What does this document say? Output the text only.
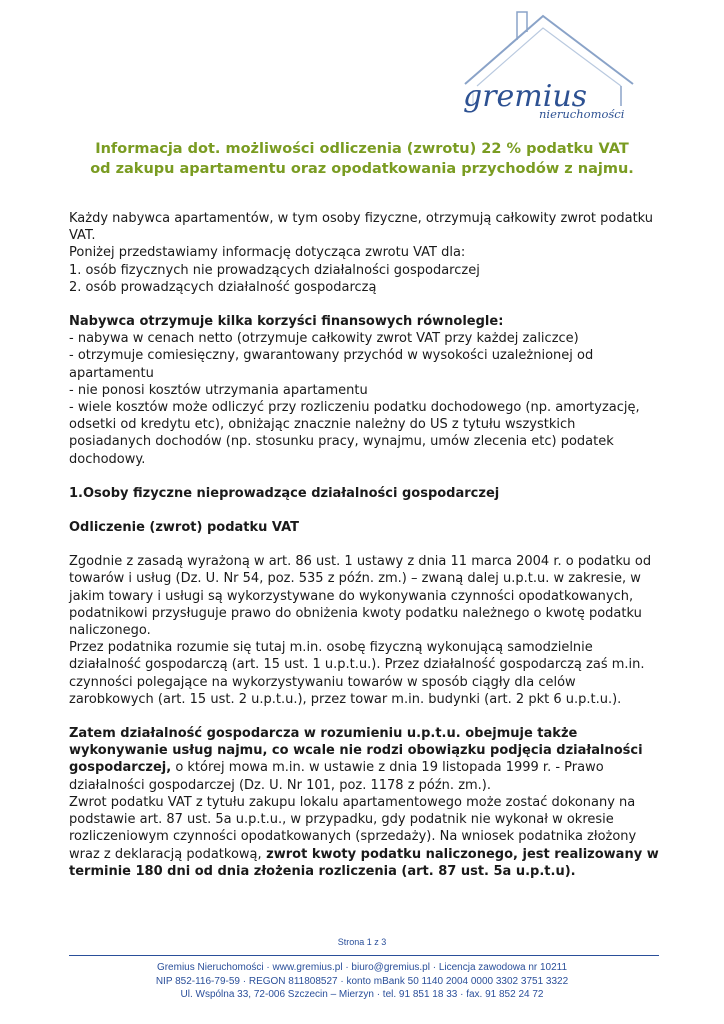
gremius
nieruchomości
Informacja dot. możliwości odliczenia (zwrotu) 22 % podatku VAT
od zakupu apartamentu oraz opodatkowania przychodów z najmu.

Każdy nabywca apartamentów, w tym osoby fizyczne, otrzymują całkowity zwrot podatku VAT.

Poniżej przedstawiamy informację dotycząca zwrotu VAT dla:

1. osób fizycznych nie prowadzących działalności gospodarczej

2. osób prowadzących działalność gospodarczą

Nabywca otrzymuje kilka korzyści finansowych równolegle:

- nabywa w cenach netto (otrzymuje całkowity zwrot VAT przy każdej zaliczce)

- otrzymuje comiesięczny, gwarantowany przychód w wysokości uzależnionej od apartamentu

- nie ponosi kosztów utrzymania apartamentu

- wiele kosztów może odliczyć przy rozliczeniu podatku dochodowego (np. amortyzację, odsetki od kredytu etc), obniżając znacznie należny do US z tytułu wszystkich posiadanych dochodów (np. stosunku pracy, wynajmu, umów zlecenia etc) podatek dochodowy.

1.Osoby fizyczne nieprowadzące działalności gospodarczej

Odliczenie (zwrot) podatku VAT

Zgodnie z zasadą wyrażoną w art. 86 ust. 1 ustawy z dnia 11 marca 2004 r. o podatku od towarów i usług (Dz. U. Nr 54, poz. 535 z późn. zm.) – zwaną dalej u.p.t.u. w zakresie, w jakim towary i usługi są wykorzystywane do wykonywania czynności opodatkowanych, podatnikowi przysługuje prawo do obniżenia kwoty podatku należnego o kwotę podatku naliczonego.

Przez podatnika rozumie się tutaj m.in. osobę fizyczną wykonującą samodzielnie działalność gospodarczą (art. 15 ust. 1 u.p.t.u.). Przez działalność gospodarczą zaś m.in. czynności polegające na wykorzystywaniu towarów w sposób ciągły dla celów zarobkowych (art. 15 ust. 2 u.p.t.u.), przez towar m.in. budynki (art. 2 pkt 6 u.p.t.u.).

Zatem działalność gospodarcza w rozumieniu u.p.t.u. obejmuje także wykonywanie usług najmu, co wcale nie rodzi obowiązku podjęcia działalności gospodarczej, o której mowa m.in. w ustawie z dnia 19 listopada 1999 r. - Prawo działalności gospodarczej (Dz. U. Nr 101, poz. 1178 z późn. zm.).

Zwrot podatku VAT z tytułu zakupu lokalu apartamentowego może zostać dokonany na podstawie art. 87 ust. 5a u.p.t.u., w przypadku, gdy podatnik nie wykonał w okresie rozliczeniowym czynności opodatkowanych (sprzedaży). Na wniosek podatnika złożony wraz z deklaracją podatkową, zwrot kwoty podatku naliczonego, jest realizowany w terminie 180 dni od dnia złożenia rozliczenia (art. 87 ust. 5a u.p.t.u).

Strona 1 z 3
Gremius Nieruchomości · www.gremius.pl · biuro@gremius.pl · Licencja zawodowa nr 10211
NIP 852-116-79-59 · REGON 811808527 · konto mBank 50 1140 2004 0000 3302 3751 3322
Ul. Wspólna 33, 72-006 Szczecin – Mierzyn · tel. 91 851 18 33 · fax. 91 852 24 72
